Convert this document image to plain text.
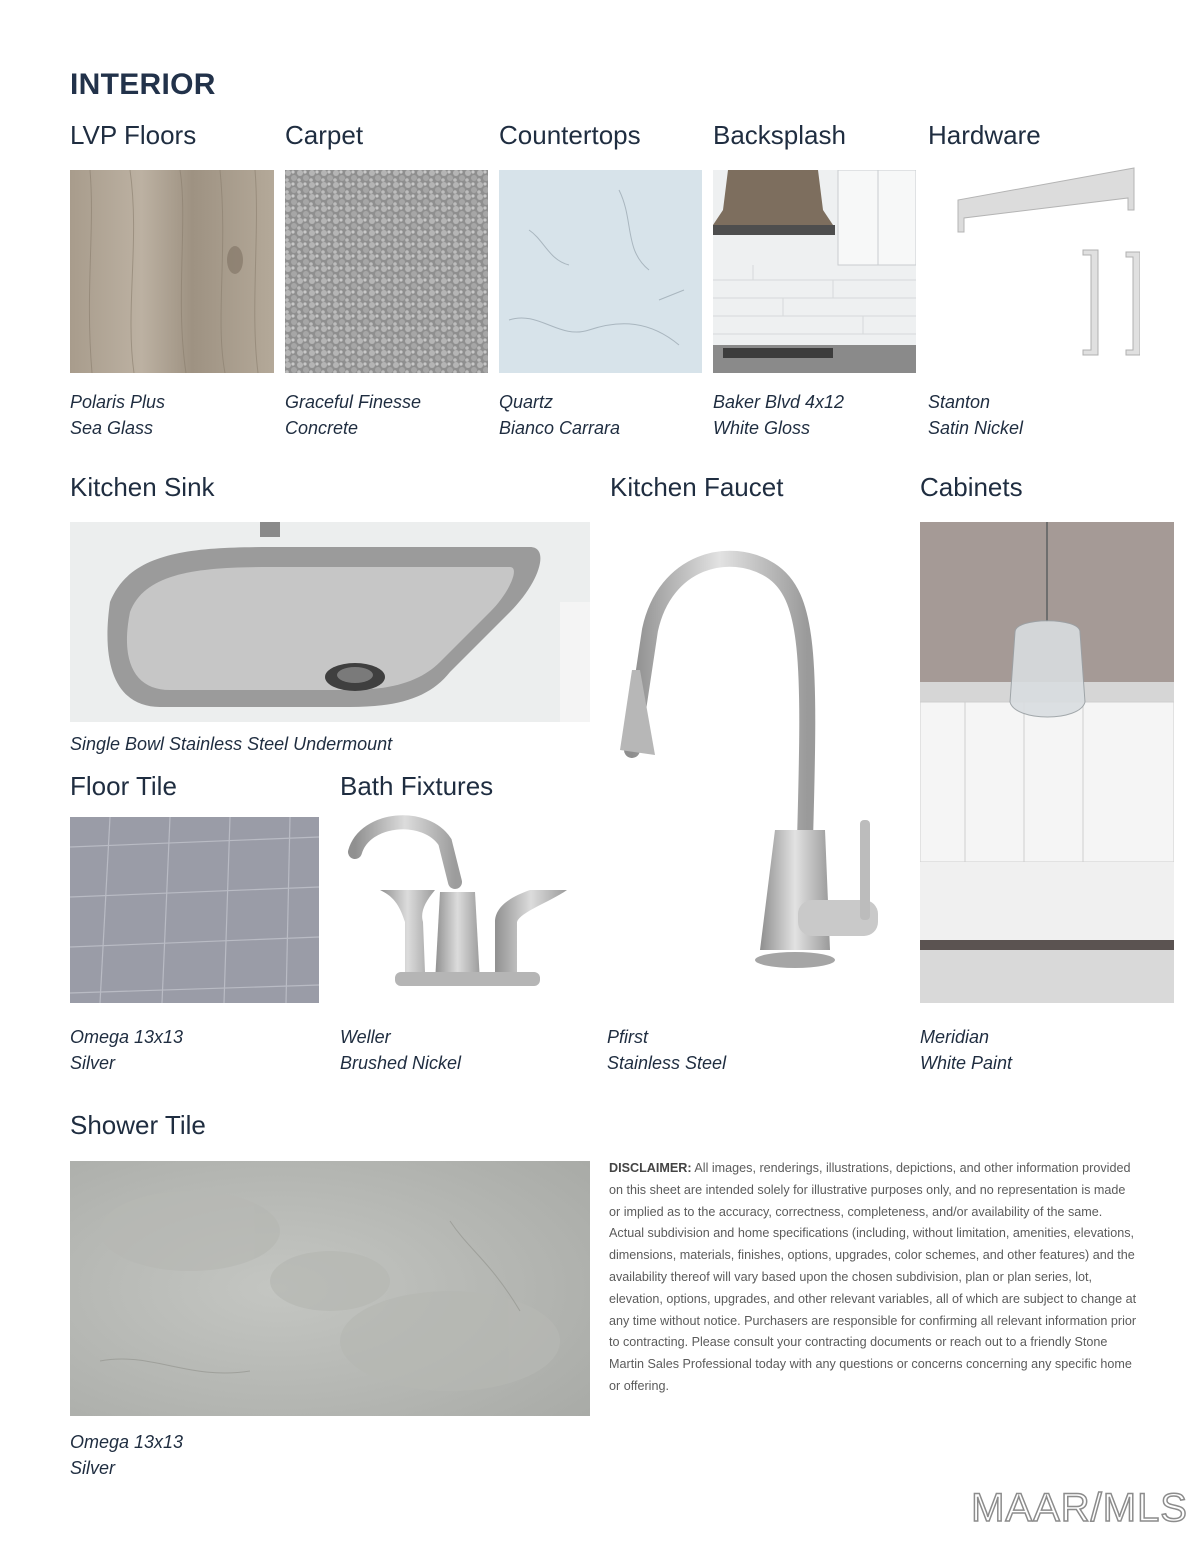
INTERIOR
LVP Floors	Carpet	Countertops	Backsplash	Hardware
Polaris Plus
Sea Glass
Graceful Finesse
Concrete
Quartz
Bianco Carrara
Baker Blvd 4x12
White Gloss
Stanton
Satin Nickel
Kitchen Sink	Kitchen Faucet	Cabinets
Single Bowl Stainless Steel Undermount
Floor Tile	Bath Fixtures
Omega 13x13
Silver
Weller
Brushed Nickel
Pfirst
Stainless Steel
Meridian
White Paint
Shower Tile
Omega 13x13
Silver
DISCLAIMER: All images, renderings, illustrations, depictions, and other information provided on this sheet are intended solely for illustrative purposes only, and no representation is made or implied as to the accuracy, correctness, completeness, and/or availability of the same. Actual subdivision and home specifications (including, without limitation, amenities, elevations, dimensions, materials, finishes, options, upgrades, color schemes, and other features) and the availability thereof will vary based upon the chosen subdivision, plan or plan series, lot, elevation, options, upgrades, and other relevant variables, all of which are subject to change at any time without notice. Purchasers are responsible for confirming all relevant information prior to contracting. Please consult your contracting documents or reach out to a friendly Stone Martin Sales Professional today with any questions or concerns concerning any specific home or offering.
MAAR/MLS
